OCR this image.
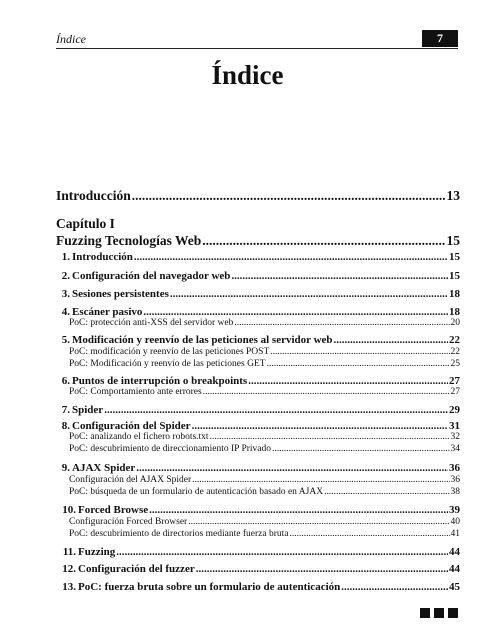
Índice	7
Índice
Capítulo I
Introducción .....	13
Fuzzing Tecnologías Web .....	15
1. Introducción .....	15
2. Configuración del navegador web .....	15
3. Sesiones persistentes .....	18
4. Escáner pasivo .....	18
PoC: protección anti-XSS del servidor web .....	20
5. Modificación y reenvío de las peticiones al servidor web .....	22
PoC: modificación y reenvío de las peticiones POST .....	22
PoC: Modificación y reenvío de las peticiones GET .....	25
6. Puntos de interrupción o breakpoints .....	27
PoC: Comportamiento ante errores .....	27
7. Spider .....	29
8. Configuración del Spider .....	31
PoC: analizando el fichero robots.txt .....	32
PoC: descubrimiento de direccionamiento IP Privado .....	34
9. AJAX Spider .....	36
Configuración del AJAX Spider .....	36
PoC: búsqueda de un formulario de autenticación basado en AJAX .....	38
10. Forced Browse .....	39
Configuración Forced Browser .....	40
PoC: descubrimiento de directorios mediante fuerza bruta .....	41
11. Fuzzing .....	44
12. Configuración del fuzzer .....	44
13. PoC: fuerza bruta sobre un formulario de autenticación .....	45
